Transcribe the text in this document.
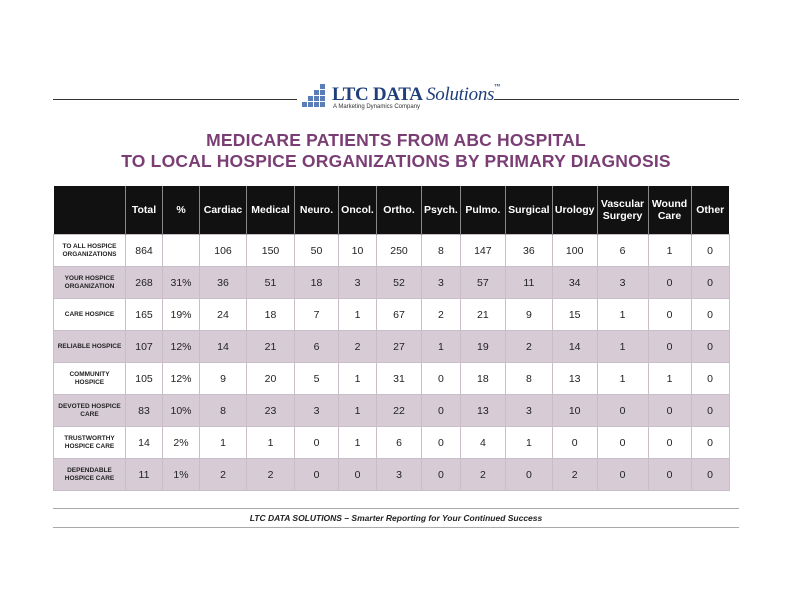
LTC DATA Solutions™
A Marketing Dynamics Company
MEDICARE PATIENTS FROM ABC HOSPITAL
TO LOCAL HOSPICE ORGANIZATIONS BY PRIMARY DIAGNOSIS
	Total	%	Cardiac	Medical	Neuro.	Oncol.	Ortho.	Psych.	Pulmo.	Surgical	Urology	Vascular Surgery	Wound Care	Other
TO ALL HOSPICE ORGANIZATIONS	864		106	150	50	10	250	8	147	36	100	6	1	0
YOUR HOSPICE ORGANIZATION	268	31%	36	51	18	3	52	3	57	11	34	3	0	0
CARE HOSPICE	165	19%	24	18	7	1	67	2	21	9	15	1	0	0
RELIABLE HOSPICE	107	12%	14	21	6	2	27	1	19	2	14	1	0	0
COMMUNITY HOSPICE	105	12%	9	20	5	1	31	0	18	8	13	1	1	0
DEVOTED HOSPICE CARE	83	10%	8	23	3	1	22	0	13	3	10	0	0	0
TRUSTWORTHY HOSPICE CARE	14	2%	1	1	0	1	6	0	4	1	0	0	0	0
DEPENDABLE HOSPICE CARE	11	1%	2	2	0	0	3	0	2	0	2	0	0	0
LTC DATA SOLUTIONS – Smarter Reporting for Your Continued Success
